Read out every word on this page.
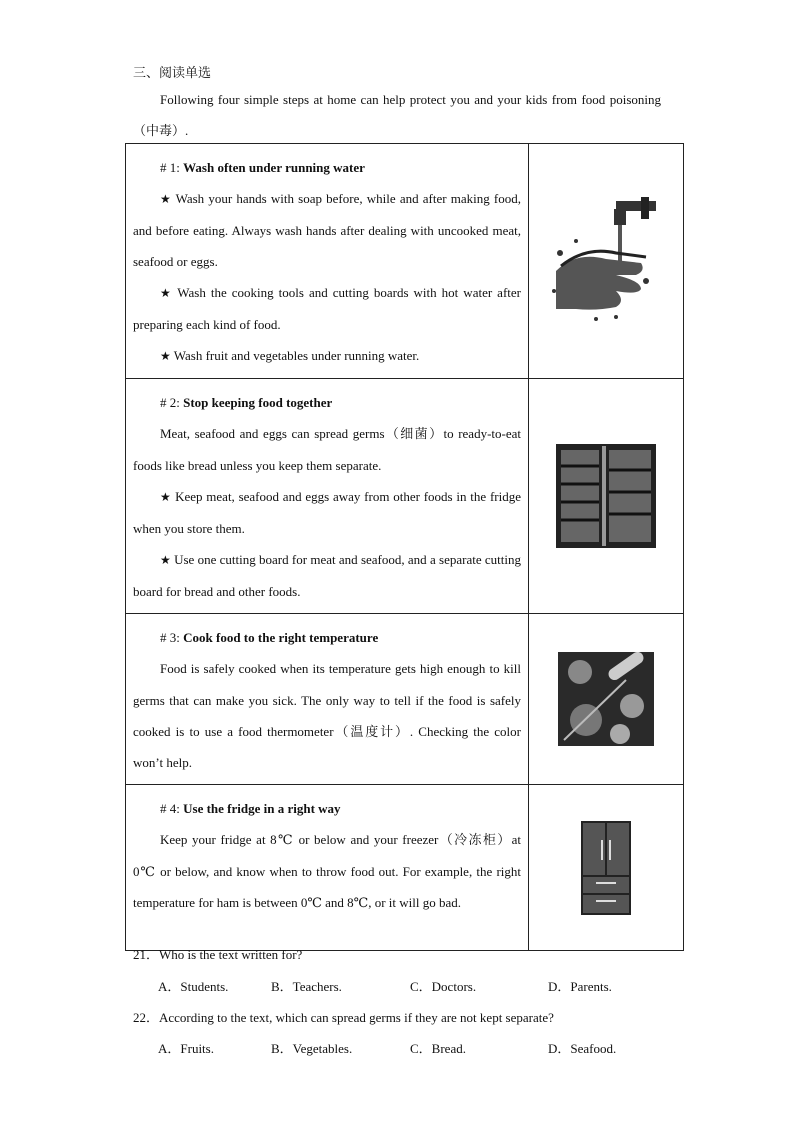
三、阅读单选

Following four simple steps at home can help protect you and your kids from food poisoning（中毒）.

# 1: Wash often under running water

★ Wash your hands with soap before, while and after making food, and before eating. Always wash hands after dealing with uncooked meat, seafood or eggs.

★ Wash the cooking tools and cutting boards with hot water after preparing each kind of food.

★ Wash fruit and vegetables under running water.

# 2: Stop keeping food together

Meat, seafood and eggs can spread germs（细菌）to ready-to-eat foods like bread unless you keep them separate.

★ Keep meat, seafood and eggs away from other foods in the fridge when you store them.

★ Use one cutting board for meat and seafood, and a separate cutting board for bread and other foods.

# 3: Cook food to the right temperature

Food is safely cooked when its temperature gets high enough to kill germs that can make you sick. The only way to tell if the food is safely cooked is to use a food thermometer（温度计）. Checking the color won’t help.

# 4: Use the fridge in a right way

Keep your fridge at 8℃ or below and your freezer（冷冻柜）at 0℃ or below, and know when to throw food out. For example, the right temperature for ham is between 0℃ and 8℃, or it will go bad.

21．Who is the text written for?

A．Students.	B．Teachers.	C．Doctors.	D．Parents.

22．According to the text, which can spread germs if they are not kept separate?

A．Fruits.	B．Vegetables.	C．Bread.	D．Seafood.
